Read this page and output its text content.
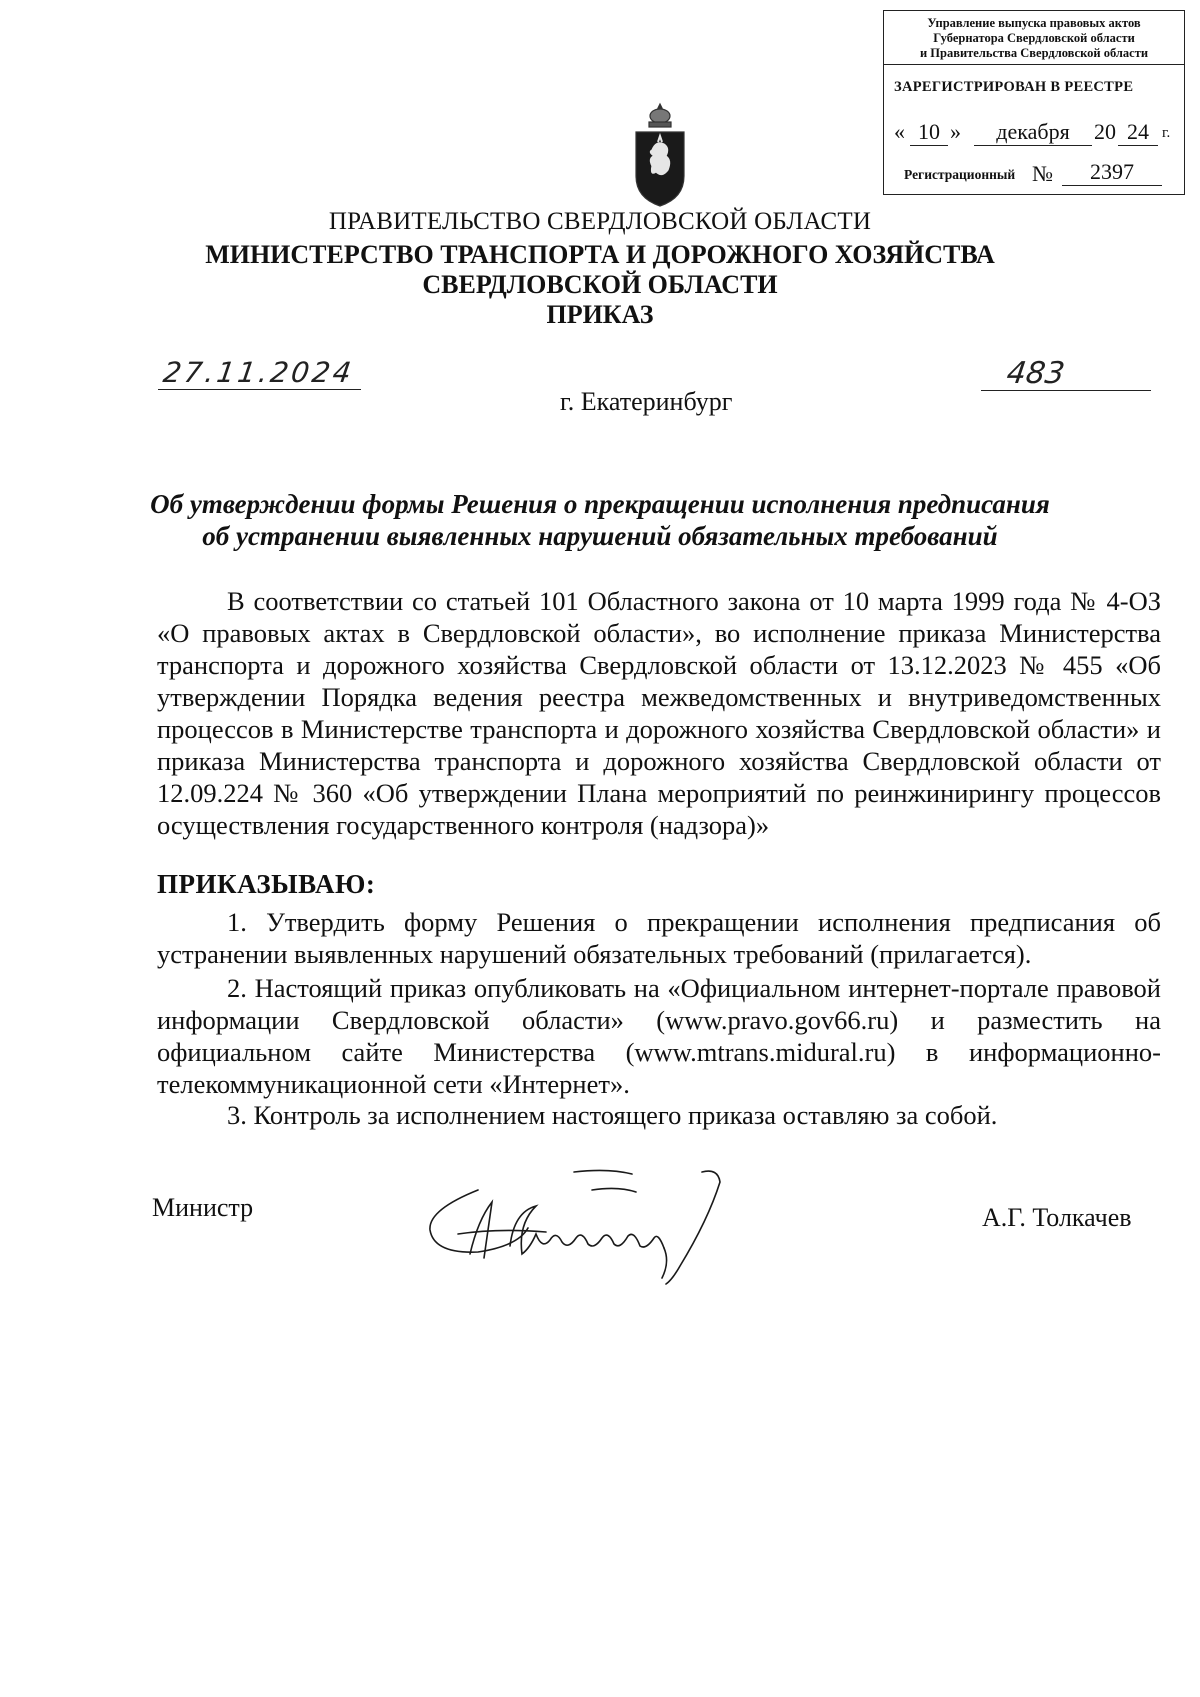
Управление выпуска правовых актов
Губернатора Свердловской области
и Правительства Свердловской области
ЗАРЕГИСТРИРОВАН В РЕЕСТРЕ
« 10 »	декабря	20 24 г.
Регистрационный №	2397
ПРАВИТЕЛЬСТВО СВЕРДЛОВСКОЙ ОБЛАСТИ
МИНИСТЕРСТВО ТРАНСПОРТА И ДОРОЖНОГО ХОЗЯЙСТВА
СВЕРДЛОВСКОЙ ОБЛАСТИ
ПРИКАЗ
27.11.2024	483
г. Екатеринбург
Об утверждении формы Решения о прекращении исполнения предписания
об устранении выявленных нарушений обязательных требований
В соответствии со статьей 101 Областного закона от 10 марта 1999 года № 4-ОЗ «О правовых актах в Свердловской области», во исполнение приказа Министерства транспорта и дорожного хозяйства Свердловской области от 13.12.2023 № 455 «Об утверждении Порядка ведения реестра межведомственных и внутриведомственных процессов в Министерстве транспорта и дорожного хозяйства Свердловской области» и приказа Министерства транспорта и дорожного хозяйства Свердловской области от 12.09.224 № 360 «Об утверждении Плана мероприятий по реинжинирингу процессов осуществления государственного контроля (надзора)»
ПРИКАЗЫВАЮ:
1. Утвердить форму Решения о прекращении исполнения предписания об устранении выявленных нарушений обязательных требований (прилагается).
2. Настоящий приказ опубликовать на «Официальном интернет-портале правовой информации Свердловской области» (www.pravo.gov66.ru) и разместить на официальном сайте Министерства (www.mtrans.midural.ru) в информационно-телекоммуникационной сети «Интернет».
3. Контроль за исполнением настоящего приказа оставляю за собой.
Министр	А.Г. Толкачев
